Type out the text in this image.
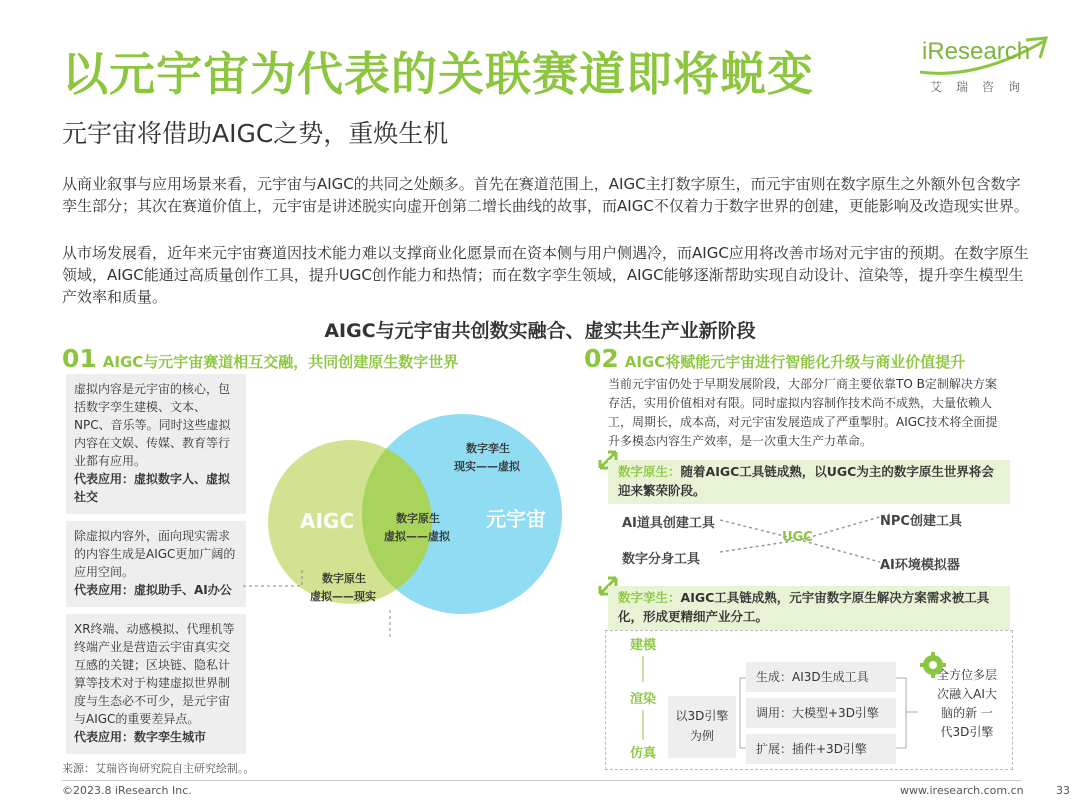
以元宇宙为代表的关联赛道即将蜕变
元宇宙将借助AIGC之势，重焕生机
iResearch
艾瑞咨询
从商业叙事与应用场景来看，元宇宙与AIGC的共同之处颇多。首先在赛道范围上，AIGC主打数字原生，而元宇宙则在数字原生之外额外包含数字孪生部分；其次在赛道价值上，元宇宙是讲述脱实向虚开创第二增长曲线的故事，而AIGC不仅着力于数字世界的创建，更能影响及改造现实世界。
从市场发展看，近年来元宇宙赛道因技术能力难以支撑商业化愿景而在资本侧与用户侧遇冷，而AIGC应用将改善市场对元宇宙的预期。在数字原生领域，AIGC能通过高质量创作工具，提升UGC创作能力和热情；而在数字孪生领域，AIGC能够逐渐帮助实现自动设计、渲染等，提升孪生模型生产效率和质量。
AIGC与元宇宙共创数实融合、虚实共生产业新阶段
01 AIGC与元宇宙赛道相互交融，共同创建原生数字世界
虚拟内容是元宇宙的核心，包括数字孪生建模、文本、NPC、音乐等。同时这些虚拟内容在文娱、传媒、教育等行业都有应用。
代表应用：虚拟数字人、虚拟社交
除虚拟内容外，面向现实需求的内容生成是AIGC更加广阔的应用空间。
代表应用：虚拟助手、AI办公
XR终端、动感模拟、代理机等终端产业是营造云宇宙真实交互感的关键；区块链、隐私计算等技术对于构建虚拟世界制度与生态必不可少，是元宇宙与AIGC的重要差异点。
代表应用：数字孪生城市
AIGC	元宇宙
数字孪生
现实——虚拟
数字原生
虚拟——虚拟
数字原生
虚拟——现实
02 AIGC将赋能元宇宙进行智能化升级与商业价值提升
当前元宇宙仍处于早期发展阶段，大部分厂商主要依靠TO B定制解决方案存活，实用价值相对有限。同时虚拟内容制作技术尚不成熟，大量依赖人工，周期长，成本高，对元宇宙发展造成了严重掣肘。AIGC技术将全面提升多模态内容生产效率，是一次重大生产力革命。
数字原生：随着AIGC工具链成熟，以UGC为主的数字原生世界将会迎来繁荣阶段。
AI道具创建工具	NPC创建工具
数字分身工具	AI环境模拟器
UGC
数字孪生：AIGC工具链成熟，元宇宙数字原生解决方案需求被工具化，形成更精细产业分工。
建模
渲染
仿真
以3D引擎
为例
生成：AI3D生成工具
调用：大模型+3D引擎
扩展：插件+3D引擎
全方位多层次融入AI大脑的新 一 代3D引擎
来源：艾瑞咨询研究院自主研究绘制。。
©2023.8 iResearch Inc.	www.iresearch.com.cn	33
